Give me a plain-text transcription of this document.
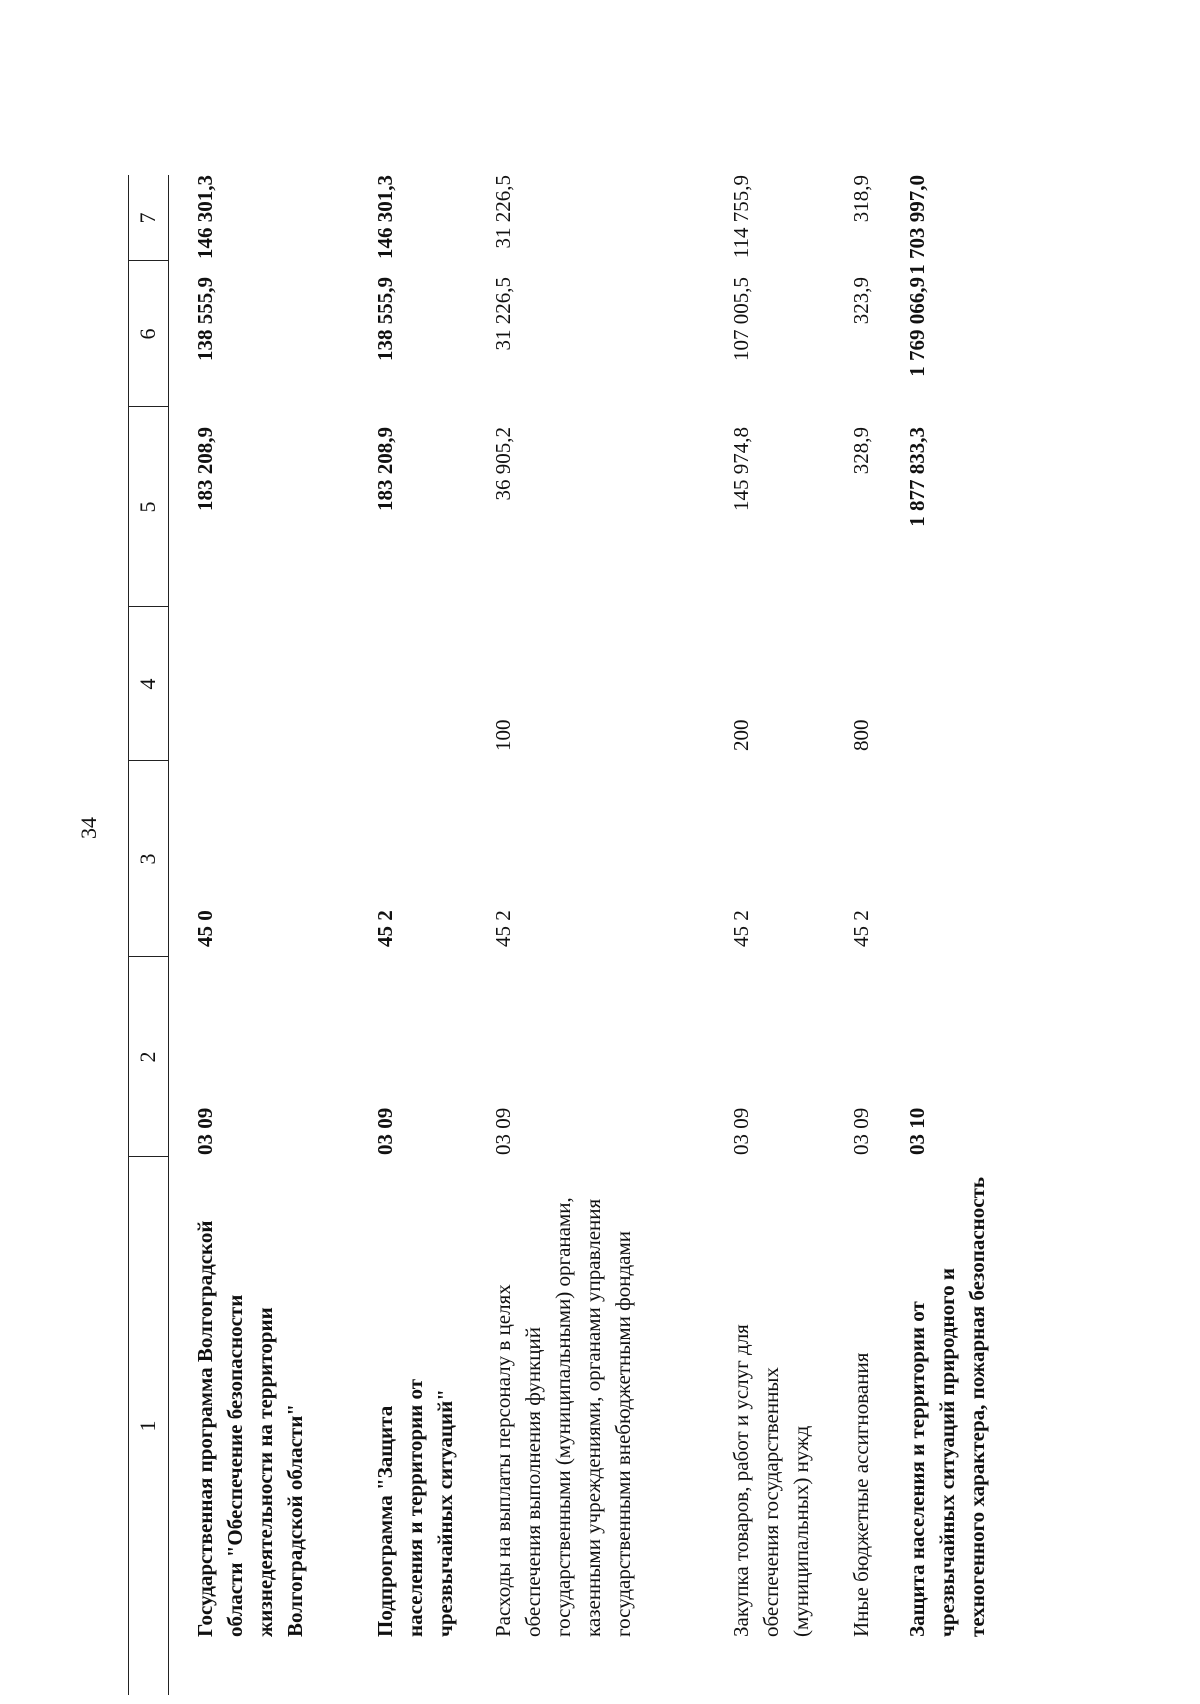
34
1
2
3
4
5
6
7
Государственная программа Волгоградской области "Обеспечение безопасности жизнедеятельности на территории Волгоградской области"
03 09
45 0
183 208,9
138 555,9
146 301,3
Подпрограмма "Защита населения и территории от чрезвычайных ситуаций"
03 09
45 2
183 208,9
138 555,9
146 301,3
Расходы на выплаты персоналу в целях обеспечения выполнения функций государственными (муниципальными) органами, казенными учреждениями, органами управления государственными внебюджетными фондами
03 09
45 2
100
36 905,2
31 226,5
31 226,5
Закупка товаров, работ и услуг для обеспечения государственных (муниципальных) нужд
03 09
45 2
200
145 974,8
107 005,5
114 755,9
Иные бюджетные ассигнования
03 09
45 2
800
328,9
323,9
318,9
Защита населения и территории от чрезвычайных ситуаций природного и техногенного характера, пожарная безопасность
03 10
1 877 833,3
1 769 066,9
1 703 997,0
